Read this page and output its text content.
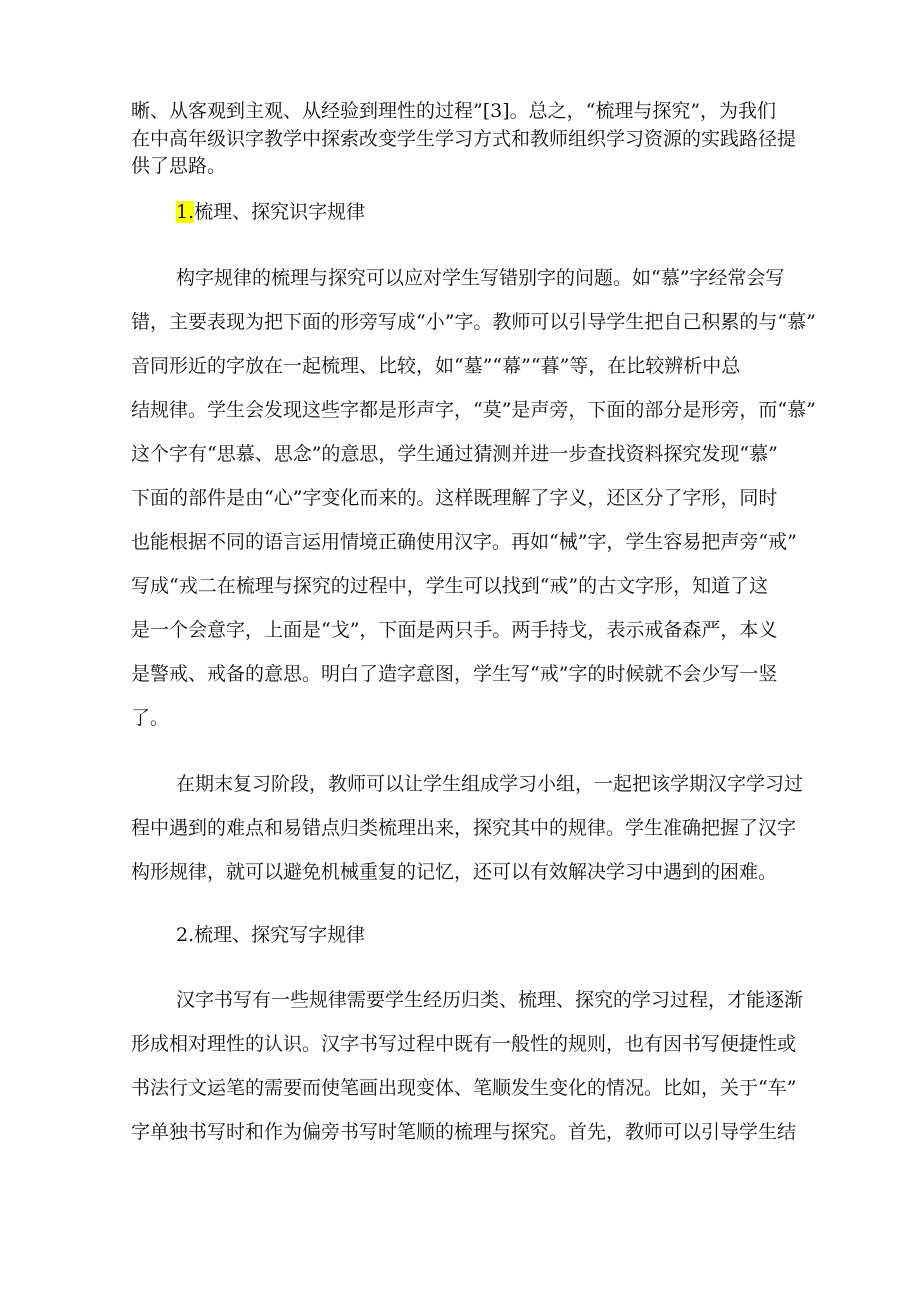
晰、从客观到主观、从经验到理性的过程”[3]。总之，“梳理与探究”，为我们
在中高年级识字教学中探索改变学生学习方式和教师组织学习资源的实践路径提
供了思路。
1.梳理、探究识字规律
构字规律的梳理与探究可以应对学生写错别字的问题。如“慕”字经常会写
错，主要表现为把下面的形旁写成“小”字。教师可以引导学生把自己积累的与“慕”
音同形近的字放在一起梳理、比较，如“墓”“幕”“暮”等，在比较辨析中总
结规律。学生会发现这些字都是形声字，“莫”是声旁，下面的部分是形旁，而“慕”
这个字有“思慕、思念”的意思，学生通过猜测并进一步查找资料探究发现“慕”
下面的部件是由“心”字变化而来的。这样既理解了字义，还区分了字形，同时
也能根据不同的语言运用情境正确使用汉字。再如“械”字，学生容易把声旁“戒”
写成“戎二在梳理与探究的过程中，学生可以找到“戒”的古文字形，知道了这
是一个会意字，上面是“戈”，下面是两只手。两手持戈，表示戒备森严，本义
是警戒、戒备的意思。明白了造字意图，学生写“戒”字的时候就不会少写一竖
了。
在期末复习阶段，教师可以让学生组成学习小组，一起把该学期汉字学习过
程中遇到的难点和易错点归类梳理出来，探究其中的规律。学生准确把握了汉字
构形规律，就可以避免机械重复的记忆，还可以有效解决学习中遇到的困难。
2.梳理、探究写字规律
汉字书写有一些规律需要学生经历归类、梳理、探究的学习过程，才能逐渐
形成相对理性的认识。汉字书写过程中既有一般性的规则，也有因书写便捷性或
书法行文运笔的需要而使笔画出现变体、笔顺发生变化的情况。比如，关于“车”
字单独书写时和作为偏旁书写时笔顺的梳理与探究。首先，教师可以引导学生结
